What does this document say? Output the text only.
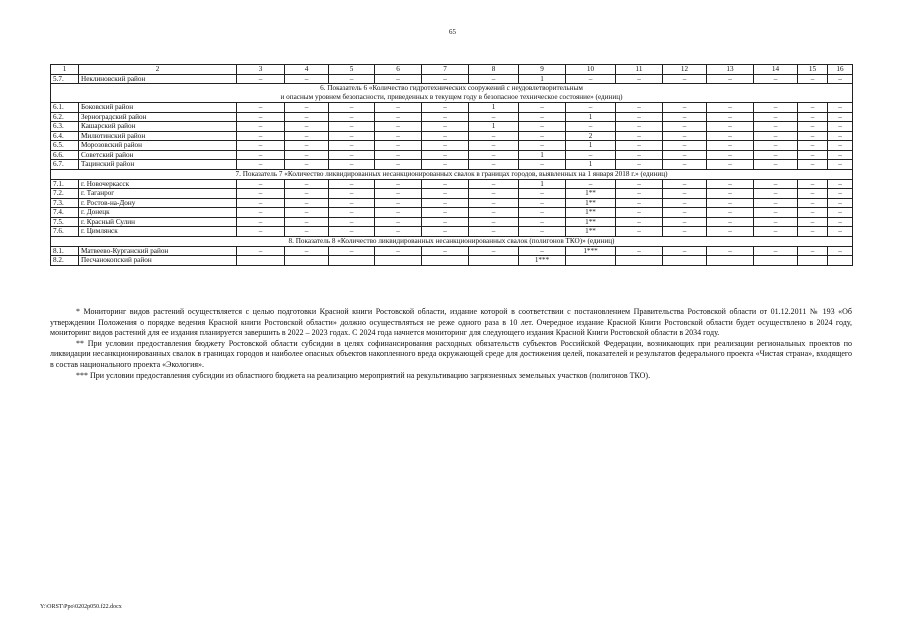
65
1	2	3	4	5	6	7	8	9	10	11	12	13	14	15	16
5.7.	Неклиновский район	–	–	–	–	–	–	1	–	–	–	–	–	–	–

6. Показатель 6 «Количество гидротехнических сооружений с неудовлетворительным
и опасным уровнем безопасности, приведенных в текущем году в безопасное техническое состояние» (единиц)															

6.1.	Боковский район	–	–	–	–	–	1	–	–	–	–	–	–	–	–
6.2.	Зерноградский район	–	–	–	–	–	–	–	1	–	–	–	–	–	–
6.3.	Кашарский район	–	–	–	–	–	1	–	–	–	–	–	–	–	–
6.4.	Милютинский район	–	–	–	–	–	–	–	2	–	–	–	–	–	–
6.5.	Морозовский район	–	–	–	–	–	–	–	1	–	–	–	–	–	–
6.6.	Советский район	–	–	–	–	–	–	1	–	–	–	–	–	–	–
6.7.	Тацинский район	–	–	–	–	–	–	–	1	–	–	–	–	–	–

7. Показатель 7 «Количество ликвидированных несанкционированных свалок в границах городов, выявленных на 1 января 2018 г.» (единиц)															

7.1.	г. Новочеркасск	–	–	–	–	–	–	1	–	–	–	–	–	–	–
7.2.	г. Таганрог	–	–	–	–	–	–	–	1**	–	–	–	–	–	–
7.3.	г. Ростов-на-Дону	–	–	–	–	–	–	–	1**	–	–	–	–	–	–
7.4.	г. Донецк	–	–	–	–	–	–	–	1**	–	–	–	–	–	–
7.5.	г. Красный Сулин	–	–	–	–	–	–	–	1**	–	–	–	–	–	–
7.6.	г. Цимлянск	–	–	–	–	–	–	–	1**	–	–	–	–	–	–

8. Показатель 8 «Количество ликвидированных несанкционированных свалок (полигонов ТКО)» (единиц)															

8.1.	Матвеево-Курганский район	–	–	–	–	–	–	–	1***	–	–	–	–	–	–
8.2.	Песчанокопский район							1***							

* Мониторинг видов растений осуществляется с целью подготовки Красной книги Ростовской области, издание которой в соответствии с постановлением Правительства Ростовской области от 01.12.2011 № 193 «Об утверждении Положения о порядке ведения Красной книги Ростовской области» должно осуществляться не реже одного раза в 10 лет. Очередное издание Красной Книги Ростовской области будет осуществлено в 2024 году, мониторинг видов растений для ее издания планируется завершить в 2022 – 2023 годах. С 2024 года начнется мониторинг для следующего издания Красной Книги Ростовской области в 2034 году.

** При условии предоставления бюджету Ростовской области субсидии в целях софинансирования расходных обязательств субъектов Российской Федерации, возникающих при реализации региональных проектов по ликвидации несанкционированных свалок в границах городов и наиболее опасных объектов накопленного вреда окружающей среде для достижения целей, показателей и результатов федерального проекта «Чистая страна», входящего в состав национального проекта «Экология».

*** При условии предоставления субсидии из областного бюджета на реализацию мероприятий на рекультивацию загрязненных земельных участков (полигонов ТКО).

Y:\ORST\Ppo\0202p050.f22.docx
